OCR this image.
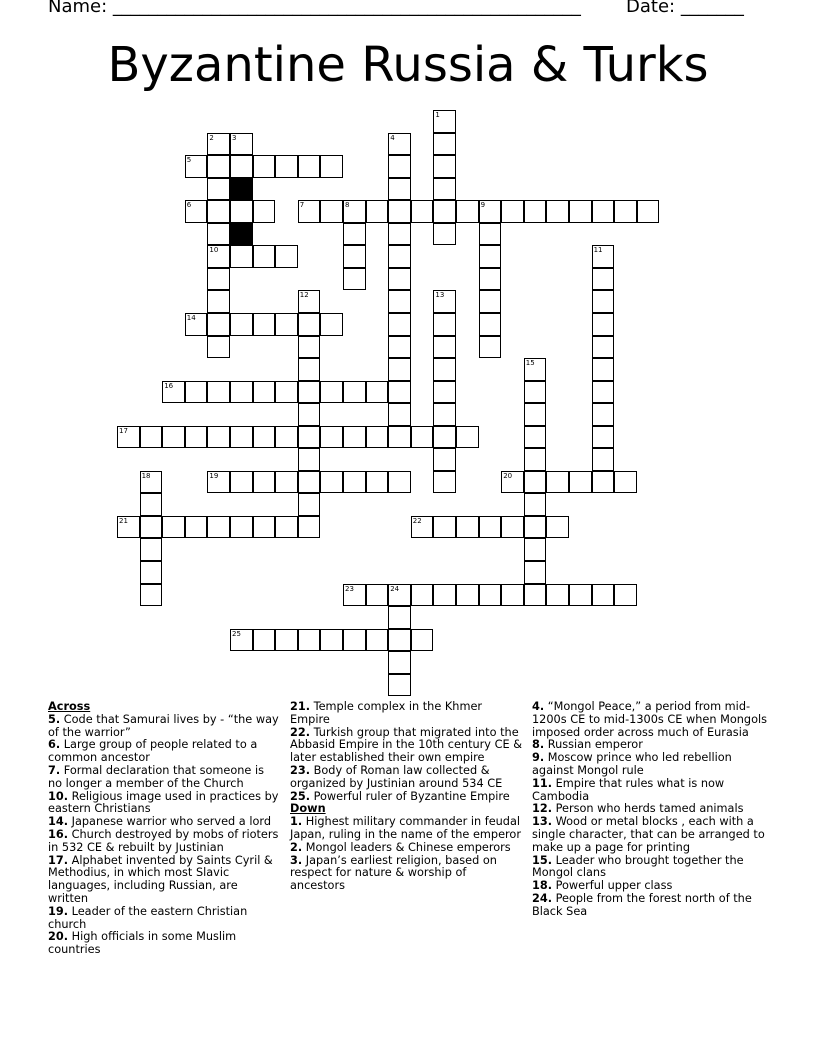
Name: ____________________________________________________	Date: _______
Byzantine Russia & Turks
1
2
10
3	4
5
6	7	8	9
11
12	13
14
15
16
17
18	19	20
21	22
23	24
25
Across
5. Code that Samurai lives by - “the way of the warrior”
6. Large group of people related to a common ancestor
7. Formal declaration that someone is no longer a member of the Church
10. Religious image used in practices by eastern Christians
14. Japanese warrior who served a lord
16. Church destroyed by mobs of rioters in 532 CE & rebuilt by Justinian
17. Alphabet invented by Saints Cyril & Methodius, in which most Slavic languages, including Russian, are written
19. Leader of the eastern Christian church
20. High officials in some Muslim countries
21. Temple complex in the Khmer Empire
22. Turkish group that migrated into the Abbasid Empire in the 10th century CE & later established their own empire
23. Body of Roman law collected & organized by Justinian around 534 CE
25. Powerful ruler of Byzantine Empire
Down
1. Highest military commander in feudal Japan, ruling in the name of the emperor
2. Mongol leaders & Chinese emperors
3. Japan’s earliest religion, based on respect for nature & worship of ancestors
4. “Mongol Peace,” a period from mid-1200s CE to mid-1300s CE when Mongols imposed order across much of Eurasia
8. Russian emperor
9. Moscow prince who led rebellion against Mongol rule
11. Empire that rules what is now Cambodia
12. Person who herds tamed animals
13. Wood or metal blocks , each with a single character, that can be arranged to make up a page for printing
15. Leader who brought together the Mongol clans
18. Powerful upper class
24. People from the forest north of the Black Sea
